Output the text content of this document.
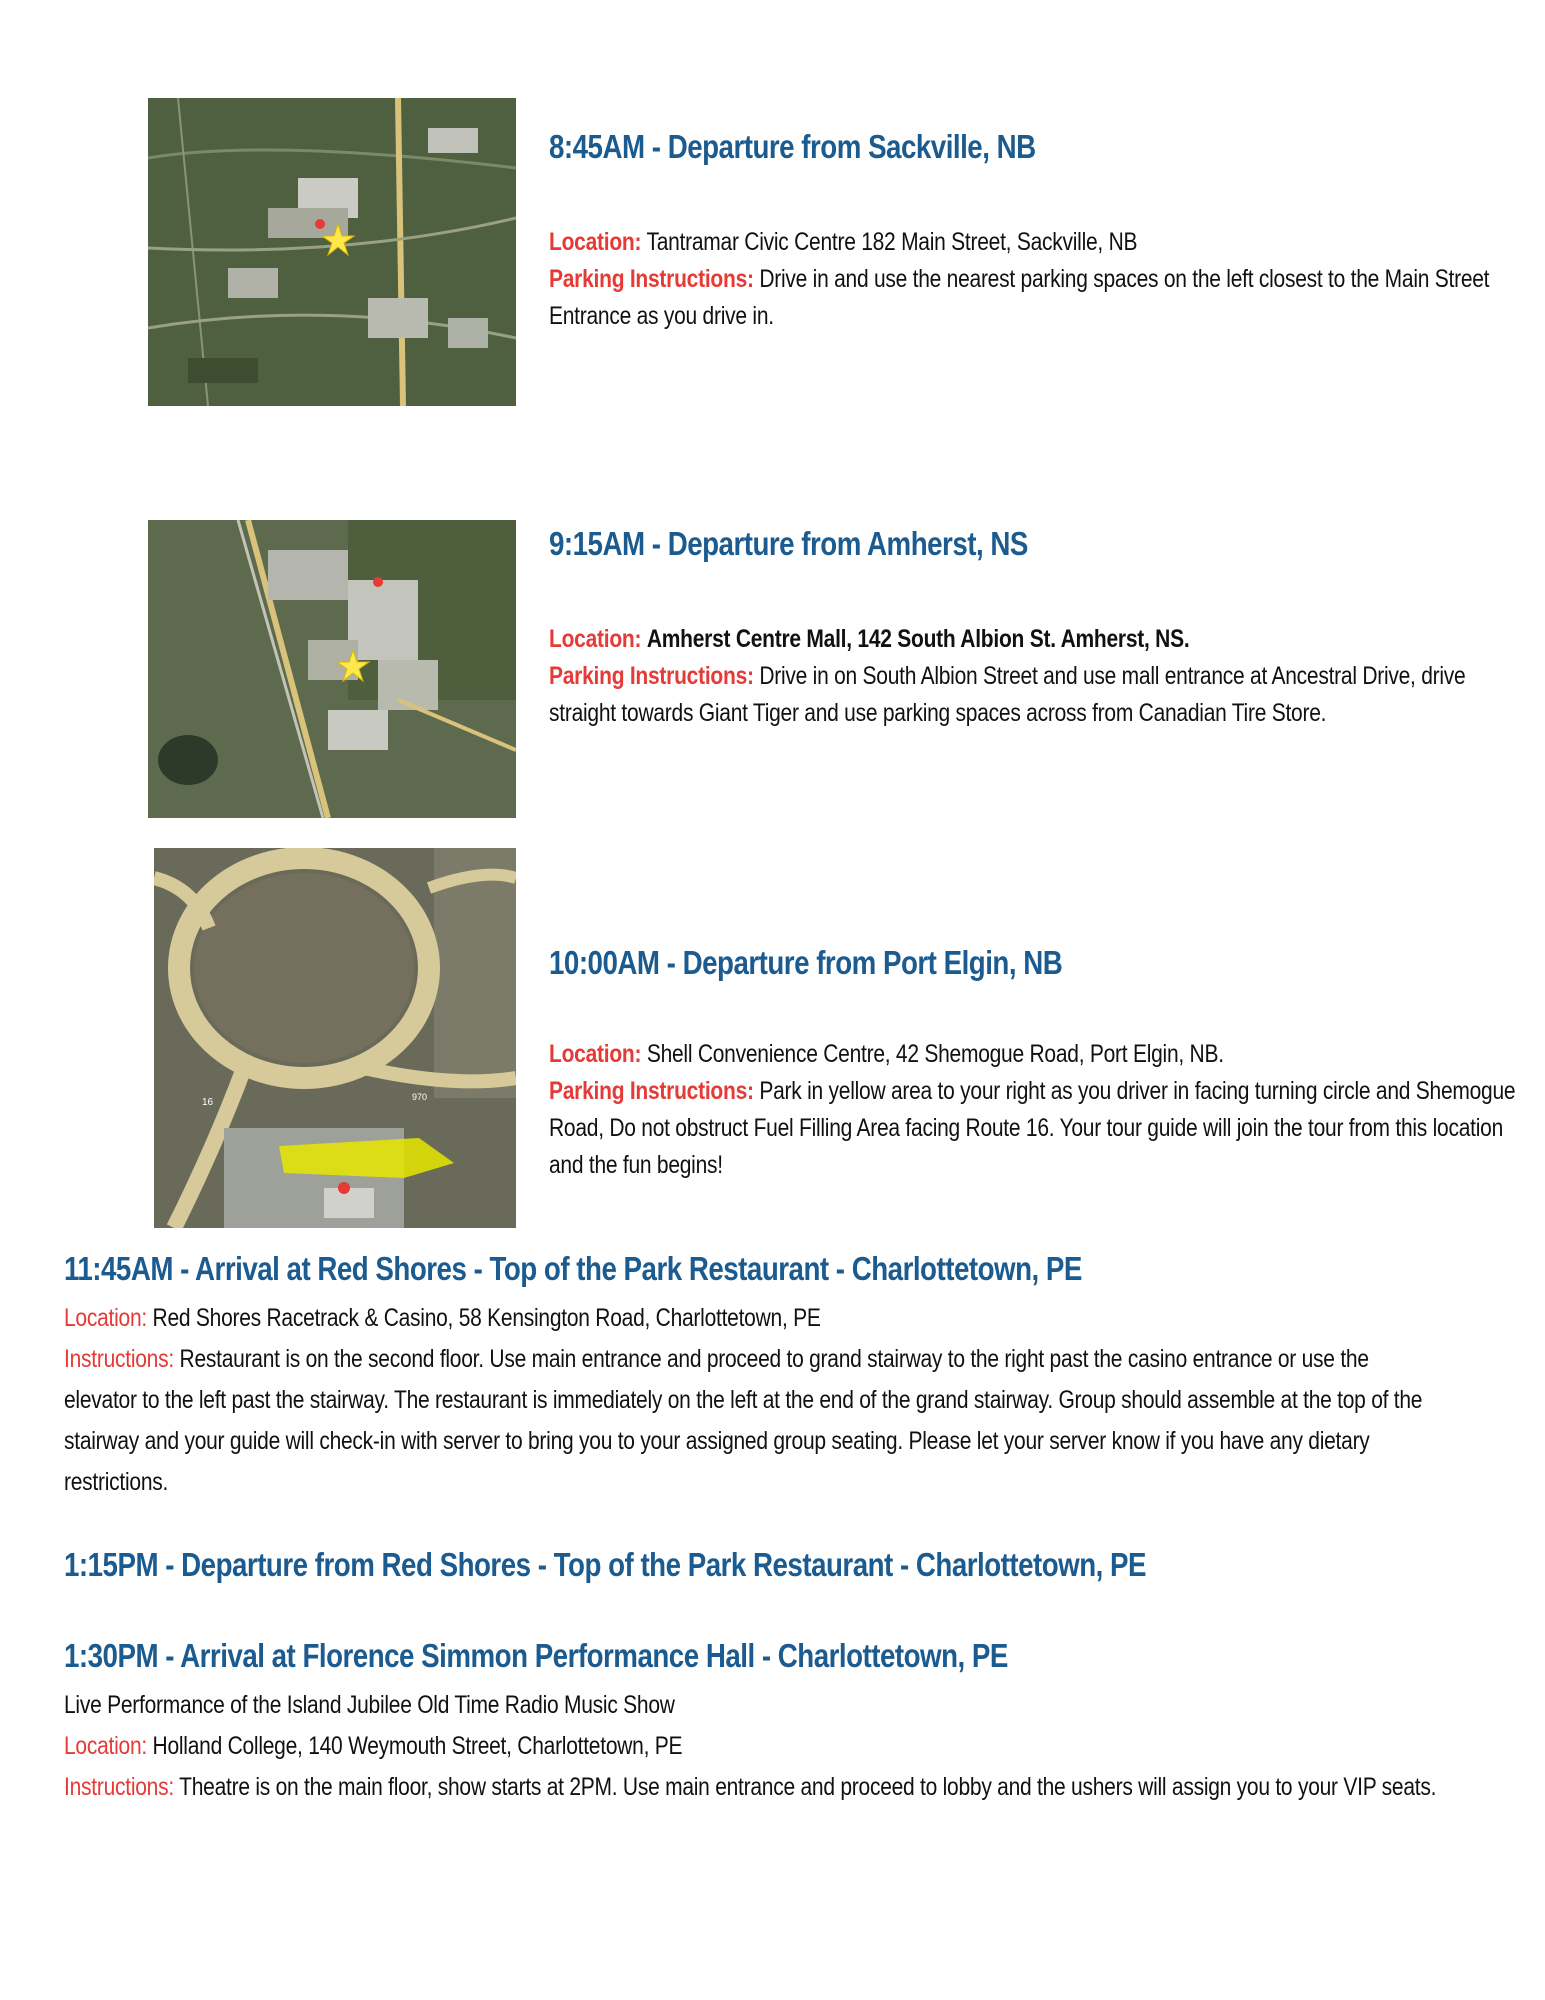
8:45AM - Departure from Sackville, NB

Location: Tantramar Civic Centre 182 Main Street, Sackville, NB

Parking Instructions: Drive in and use the nearest parking spaces on the left closest to the Main Street Entrance as you drive in.

9:15AM - Departure from Amherst, NS

Location: Amherst Centre Mall, 142 South Albion St. Amherst, NS.

Parking Instructions: Drive in on South Albion Street and use mall entrance at Ancestral Drive, drive straight towards Giant Tiger and use parking spaces across from Canadian Tire Store.

16	970
10:00AM - Departure from Port Elgin, NB

Location: Shell Convenience Centre, 42 Shemogue Road, Port Elgin, NB.

Parking Instructions: Park in yellow area to your right as you driver in facing turning circle and Shemogue Road, Do not obstruct Fuel Filling Area facing Route 16. Your tour guide will join the tour from this location and the fun begins!

11:45AM - Arrival at Red Shores - Top of the Park Restaurant - Charlottetown, PE

Location: Red Shores Racetrack & Casino, 58 Kensington Road, Charlottetown, PE

Instructions: Restaurant is on the second floor. Use main entrance and proceed to grand stairway to the right past the casino entrance or use the elevator to the left past the stairway. The restaurant is immediately on the left at the end of the grand stairway. Group should assemble at the top of the stairway and your guide will check-in with server to bring you to your assigned group seating. Please let your server know if you have any dietary restrictions.

1:15PM - Departure from Red Shores - Top of the Park Restaurant - Charlottetown, PE
1:30PM - Arrival at Florence Simmon Performance Hall - Charlottetown, PE

Live Performance of the Island Jubilee Old Time Radio Music Show

Location: Holland College, 140 Weymouth Street, Charlottetown, PE

Instructions: Theatre is on the main floor, show starts at 2PM. Use main entrance and proceed to lobby and the ushers will assign you to your VIP seats.
